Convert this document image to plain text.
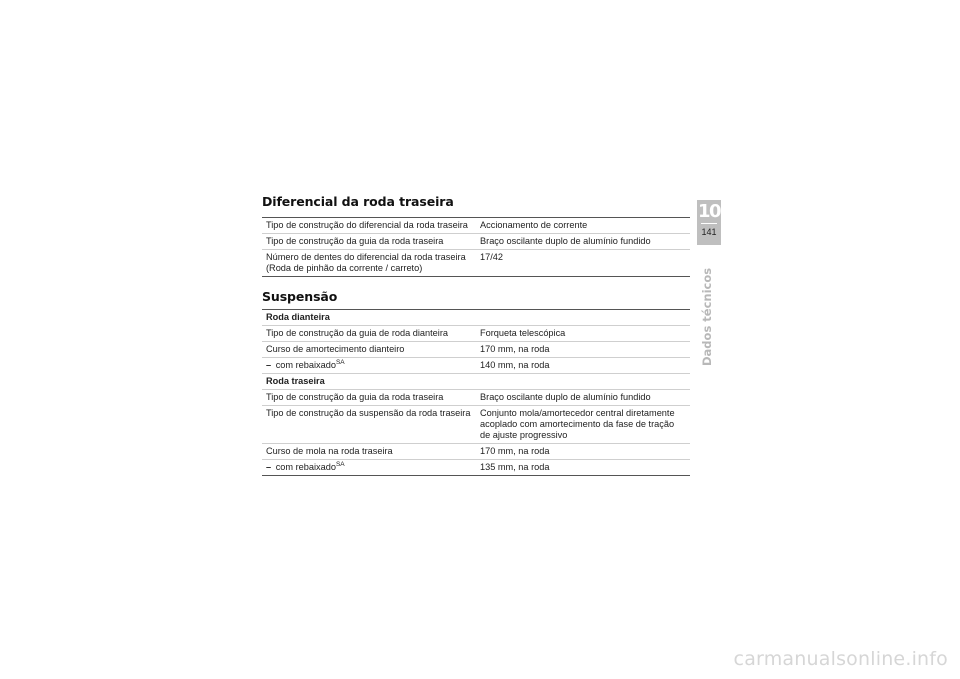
Diferencial da roda traseira
Tipo de construção do diferencial da roda traseira	Accionamento de corrente
Tipo de construção da guia da roda traseira	Braço oscilante duplo de alumínio fundido
Número de dentes do diferencial da roda traseira
(Roda de pinhão da corrente / carreto)	17/42
Suspensão
Roda dianteira	
Tipo de construção da guia de roda dianteira	Forqueta telescópica
Curso de amortecimento dianteiro	170 mm, na roda
– com rebaixado$^{SA}$	140 mm, na roda
Roda traseira	
Tipo de construção da guia da roda traseira	Braço oscilante duplo de alumínio fundido
Tipo de construção da suspensão da roda traseira	Conjunto mola/amortecedor central diretamente
acoplado com amortecimento da fase de tração
de ajuste progressivo
Curso de mola na roda traseira	170 mm, na roda
– com rebaixado$^{SA}$	135 mm, na roda
10
141
Dados técnicos
carmanualsonline.info
